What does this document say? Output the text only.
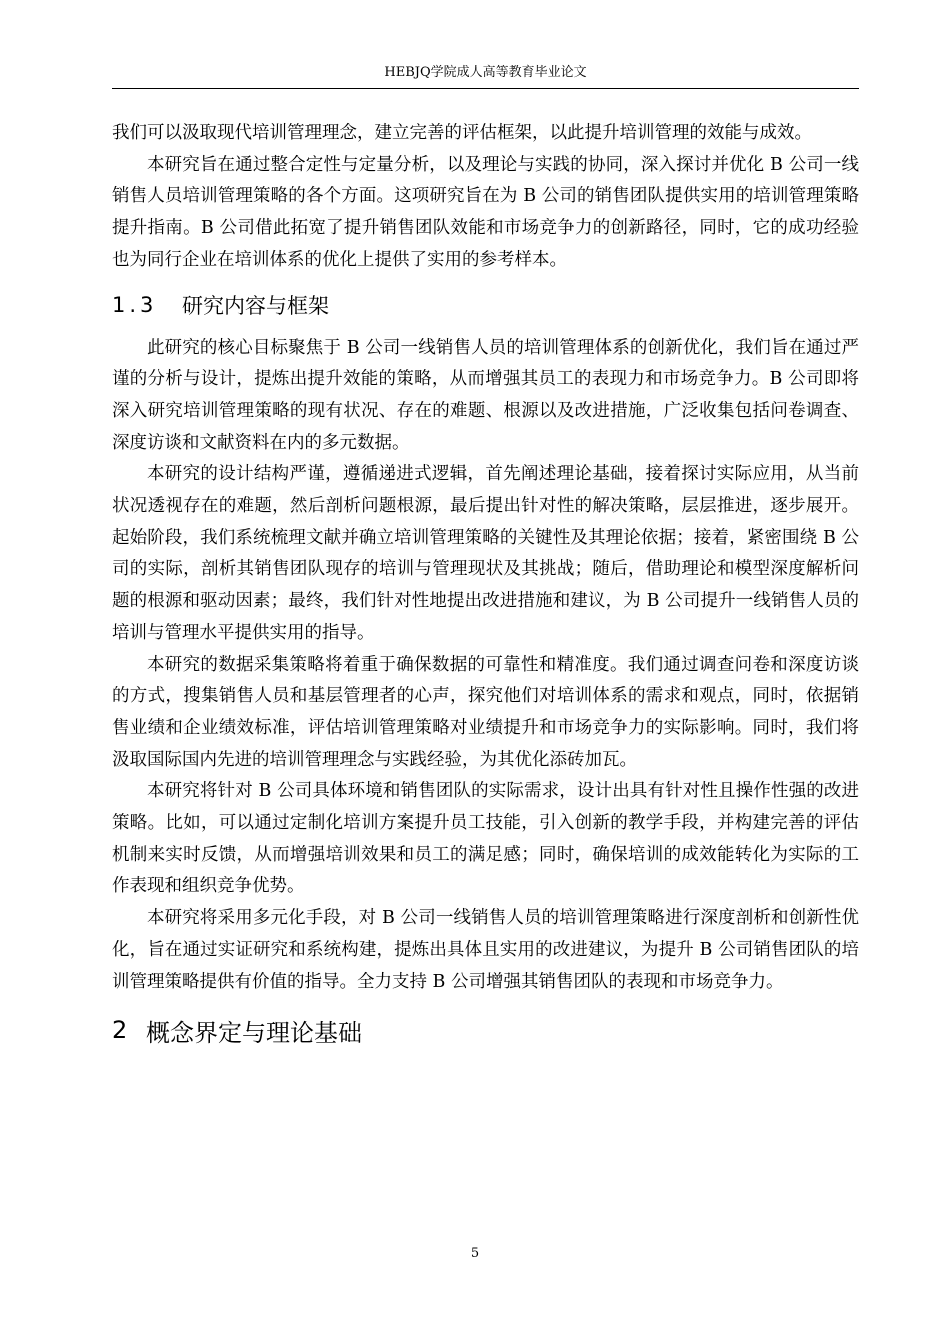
HEBJQ学院成人高等教育毕业论文

我们可以汲取现代培训管理理念，建立完善的评估框架，以此提升培训管理的效能与成效。

本研究旨在通过整合定性与定量分析，以及理论与实践的协同，深入探讨并优化 B 公司一线销售人员培训管理策略的各个方面。这项研究旨在为 B 公司的销售团队提供实用的培训管理策略提升指南。B 公司借此拓宽了提升销售团队效能和市场竞争力的创新路径，同时，它的成功经验也为同行企业在培训体系的优化上提供了实用的参考样本。

1.3	研究内容与框架

此研究的核心目标聚焦于 B 公司一线销售人员的培训管理体系的创新优化，我们旨在通过严谨的分析与设计，提炼出提升效能的策略，从而增强其员工的表现力和市场竞争力。B 公司即将深入研究培训管理策略的现有状况、存在的难题、根源以及改进措施，广泛收集包括问卷调查、深度访谈和文献资料在内的多元数据。

本研究的设计结构严谨，遵循递进式逻辑，首先阐述理论基础，接着探讨实际应用，从当前状况透视存在的难题，然后剖析问题根源，最后提出针对性的解决策略，层层推进，逐步展开。起始阶段，我们系统梳理文献并确立培训管理策略的关键性及其理论依据；接着，紧密围绕 B 公司的实际，剖析其销售团队现存的培训与管理现状及其挑战；随后，借助理论和模型深度解析问题的根源和驱动因素；最终，我们针对性地提出改进措施和建议，为 B 公司提升一线销售人员的培训与管理水平提供实用的指导。

本研究的数据采集策略将着重于确保数据的可靠性和精准度。我们通过调查问卷和深度访谈的方式，搜集销售人员和基层管理者的心声，探究他们对培训体系的需求和观点，同时，依据销售业绩和企业绩效标准，评估培训管理策略对业绩提升和市场竞争力的实际影响。同时，我们将汲取国际国内先进的培训管理理念与实践经验，为其优化添砖加瓦。

本研究将针对 B 公司具体环境和销售团队的实际需求，设计出具有针对性且操作性强的改进策略。比如，可以通过定制化培训方案提升员工技能，引入创新的教学手段，并构建完善的评估机制来实时反馈，从而增强培训效果和员工的满足感；同时，确保培训的成效能转化为实际的工作表现和组织竞争优势。

本研究将采用多元化手段，对 B 公司一线销售人员的培训管理策略进行深度剖析和创新性优化，旨在通过实证研究和系统构建，提炼出具体且实用的改进建议，为提升 B 公司销售团队的培训管理策略提供有价值的指导。全力支持 B 公司增强其销售团队的表现和市场竞争力。

2 概念界定与理论基础
5
